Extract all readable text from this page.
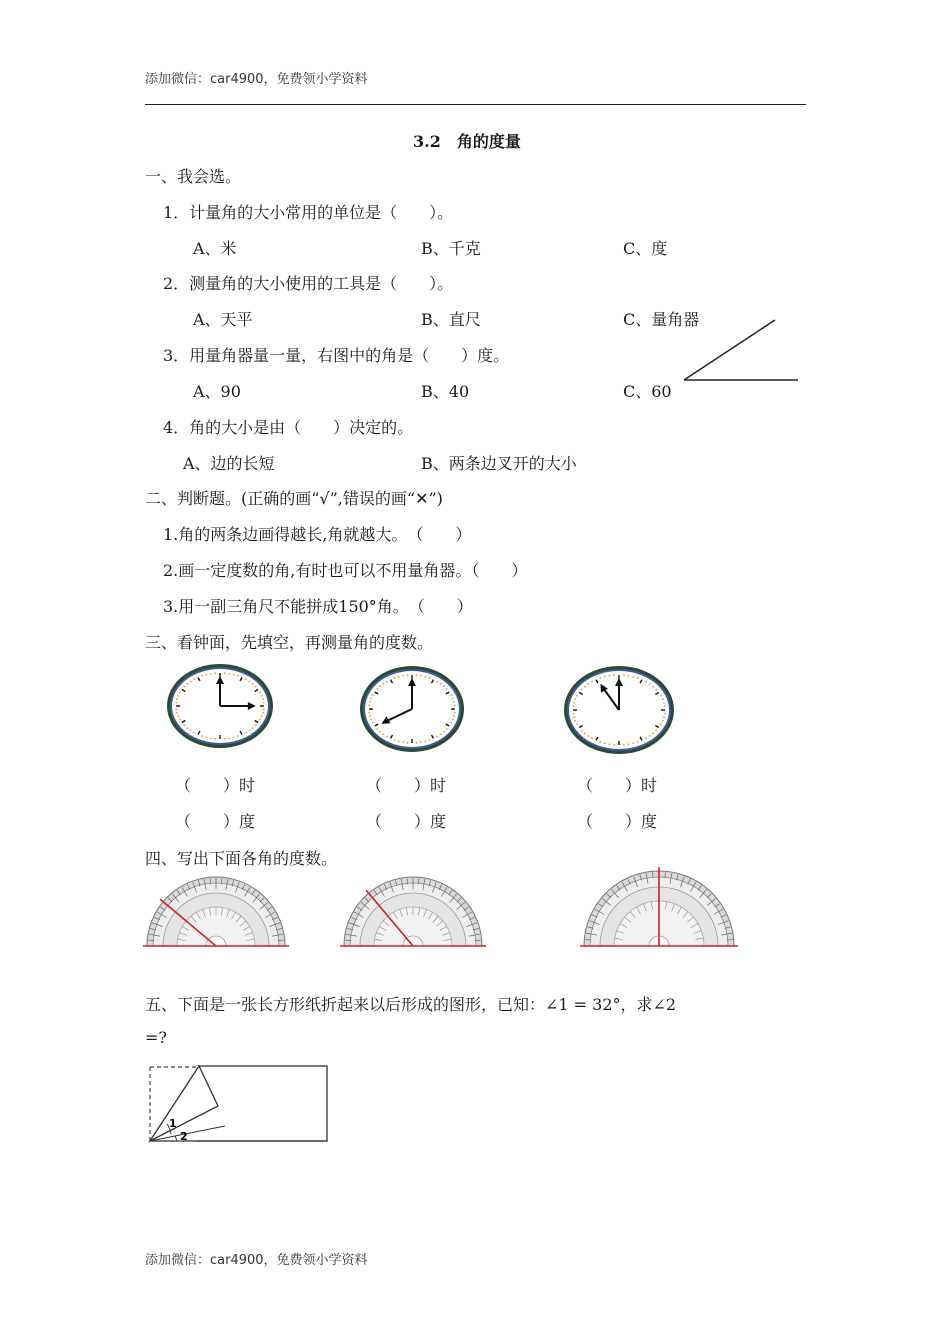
添加微信：car4900，免费领小学资料
3.2　角的度量
一、我会选。
1．计量角的大小常用的单位是（　　）。
A、米	B、千克	C、度
2．测量角的大小使用的工具是（　　）。
A、天平	B、直尺	C、量角器
3．用量角器量一量，右图中的角是（　　）度。
A、90	B、40	C、60
4．角的大小是由（　　）决定的。
A、边的长短	B、两条边叉开的大小
二、判断题。(正确的画“√”,错误的画“✕”)
1.角的两条边画得越长,角就越大。　（　　）
2.画一定度数的角,有时也可以不用量角器。（　　）
3.用一副三角尺不能拼成150°角。　（　　）
三、看钟面，先填空，再测量角的度数。
（　　）时	（　　）时	（　　）时
（　　）度	（　　）度	（　　）度
四、写出下面各角的度数。
五、下面是一张长方形纸折起来以后形成的图形，已知：∠1 = 32°，求∠2
=?
1
2
添加微信：car4900，免费领小学资料
